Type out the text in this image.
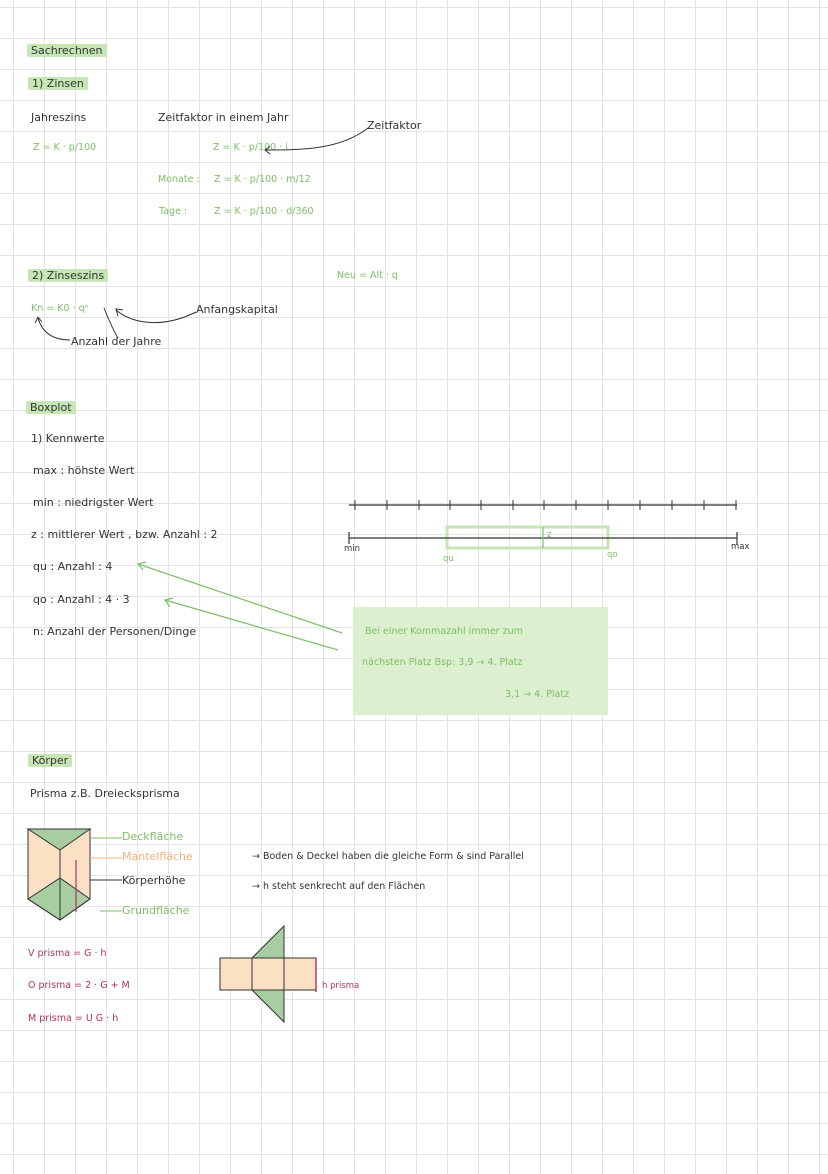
Sachrechnen
1) Zinsen
Jahreszins
Z = K · p/100
Zeitfaktor in einem Jahr
Z = K · p/100 · i
Zeitfaktor
Monate : Z = K · p/100 · m/12
Tage :	Z = K · p/100 · d/360
2) Zinseszins	Neu = Alt · q
Kn = K0 · qⁿ	Anfangskapital
Anzahl der Jahre
Boxplot
1) Kennwerte
max : höhste Wert
min : niedrigster Wert
z : mittlerer Wert , bzw. Anzahl : 2
qu : Anzahl : 4
qo : Anzahl : 4 · 3
n: Anzahl der Personen/Dinge
min
qu
z
qo
max
Bei einer Kommazahl immer zum
nächsten Platz Bsp: 3,9 → 4. Platz
3,1 → 4. Platz
Körper
Prisma z.B. Dreiecksprisma
Deckfläche
Mantelfläche
Körperhöhe
Grundfläche
→ Boden & Deckel haben die gleiche Form & sind Parallel
→ h steht senkrecht auf den Flächen
h prisma
V prisma = G · h
O prisma = 2 · G + M
M prisma = U G · h
